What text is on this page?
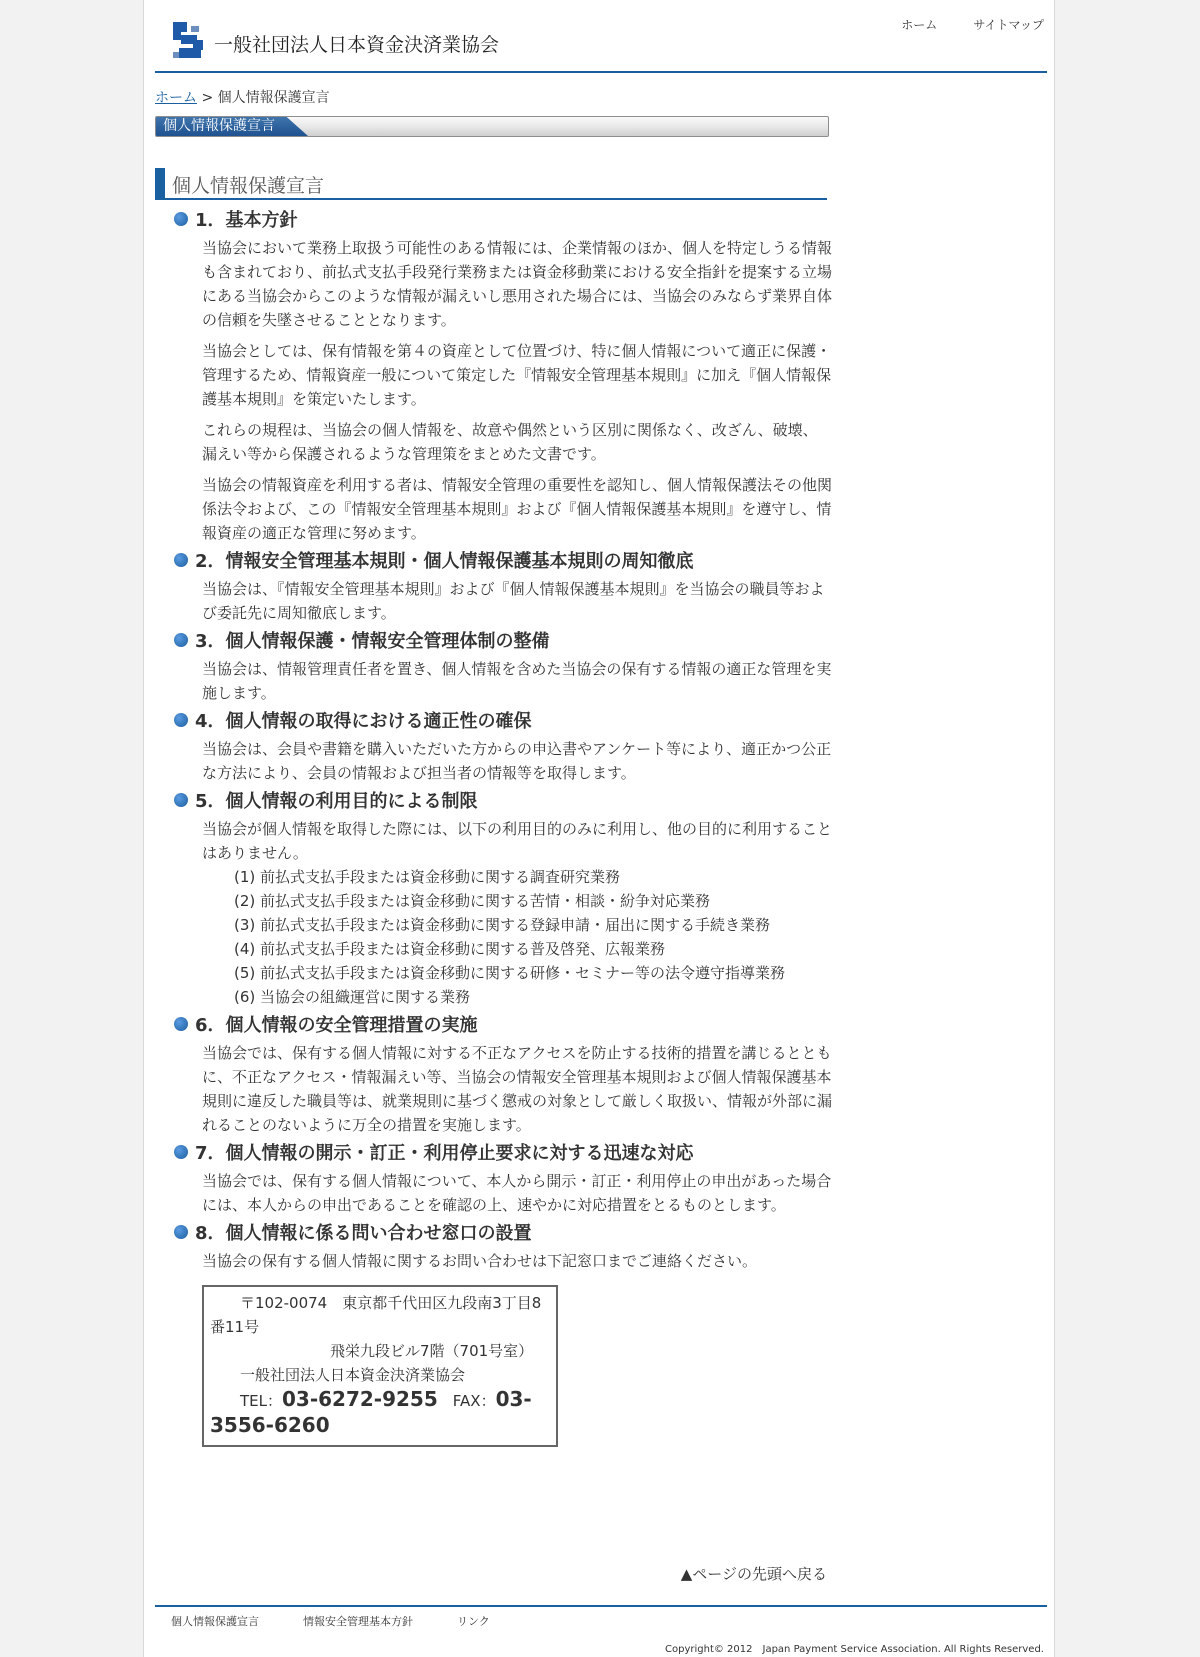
一般社団法人日本資金決済業協会
ホーム	サイトマップ
ホーム > 個人情報保護宣言
個人情報保護宣言
個人情報保護宣言
1．基本方針

当協会において業務上取扱う可能性のある情報には、企業情報のほか、個人を特定しうる情報も含まれており、前払式支払手段発行業務または資金移動業における安全指針を提案する立場にある当協会からこのような情報が漏えいし悪用された場合には、当協会のみならず業界自体の信頼を失墜させることとなります。

当協会としては、保有情報を第４の資産として位置づけ、特に個人情報について適正に保護・管理するため、情報資産一般について策定した『情報安全管理基本規則』に加え『個人情報保護基本規則』を策定いたします。

これらの規程は、当協会の個人情報を、故意や偶然という区別に関係なく、改ざん、破壊、漏えい等から保護されるような管理策をまとめた文書です。

当協会の情報資産を利用する者は、情報安全管理の重要性を認知し、個人情報保護法その他関係法令および、この『情報安全管理基本規則』および『個人情報保護基本規則』を遵守し、情報資産の適正な管理に努めます。

2．情報安全管理基本規則・個人情報保護基本規則の周知徹底

当協会は、『情報安全管理基本規則』および『個人情報保護基本規則』を当協会の職員等および委託先に周知徹底します。

3．個人情報保護・情報安全管理体制の整備

当協会は、情報管理責任者を置き、個人情報を含めた当協会の保有する情報の適正な管理を実施します。

4．個人情報の取得における適正性の確保

当協会は、会員や書籍を購入いただいた方からの申込書やアンケート等により、適正かつ公正な方法により、会員の情報および担当者の情報等を取得します。

5．個人情報の利用目的による制限

当協会が個人情報を取得した際には、以下の利用目的のみに利用し、他の目的に利用することはありません。

(1) 前払式支払手段または資金移動に関する調査研究業務
(2) 前払式支払手段または資金移動に関する苦情・相談・紛争対応業務
(3) 前払式支払手段または資金移動に関する登録申請・届出に関する手続き業務
(4) 前払式支払手段または資金移動に関する普及啓発、広報業務
(5) 前払式支払手段または資金移動に関する研修・セミナー等の法令遵守指導業務
(6) 当協会の組織運営に関する業務
6．個人情報の安全管理措置の実施

当協会では、保有する個人情報に対する不正なアクセスを防止する技術的措置を講じるとともに、不正なアクセス・情報漏えい等、当協会の情報安全管理基本規則および個人情報保護基本規則に違反した職員等は、就業規則に基づく懲戒の対象として厳しく取扱い、情報が外部に漏れることのないように万全の措置を実施します。

7．個人情報の開示・訂正・利用停止要求に対する迅速な対応

当協会では、保有する個人情報について、本人から開示・訂正・利用停止の申出があった場合には、本人からの申出であることを確認の上、速やかに対応措置をとるものとします。

8．個人情報に係る問い合わせ窓口の設置

当協会の保有する個人情報に関するお問い合わせは下記窓口までご連絡ください。

〒102-0074　東京都千代田区九段南3丁目8番11号
飛栄九段ビル7階（701号室）
一般社団法人日本資金決済業協会
TEL：03-6272-9255　 FAX：03-3556-6260
▲ページの先頭へ戻る
個人情報保護宣言	情報安全管理基本方針	リンク
Copyright© 2012　Japan Payment Service Association. All Rights Reserved.
